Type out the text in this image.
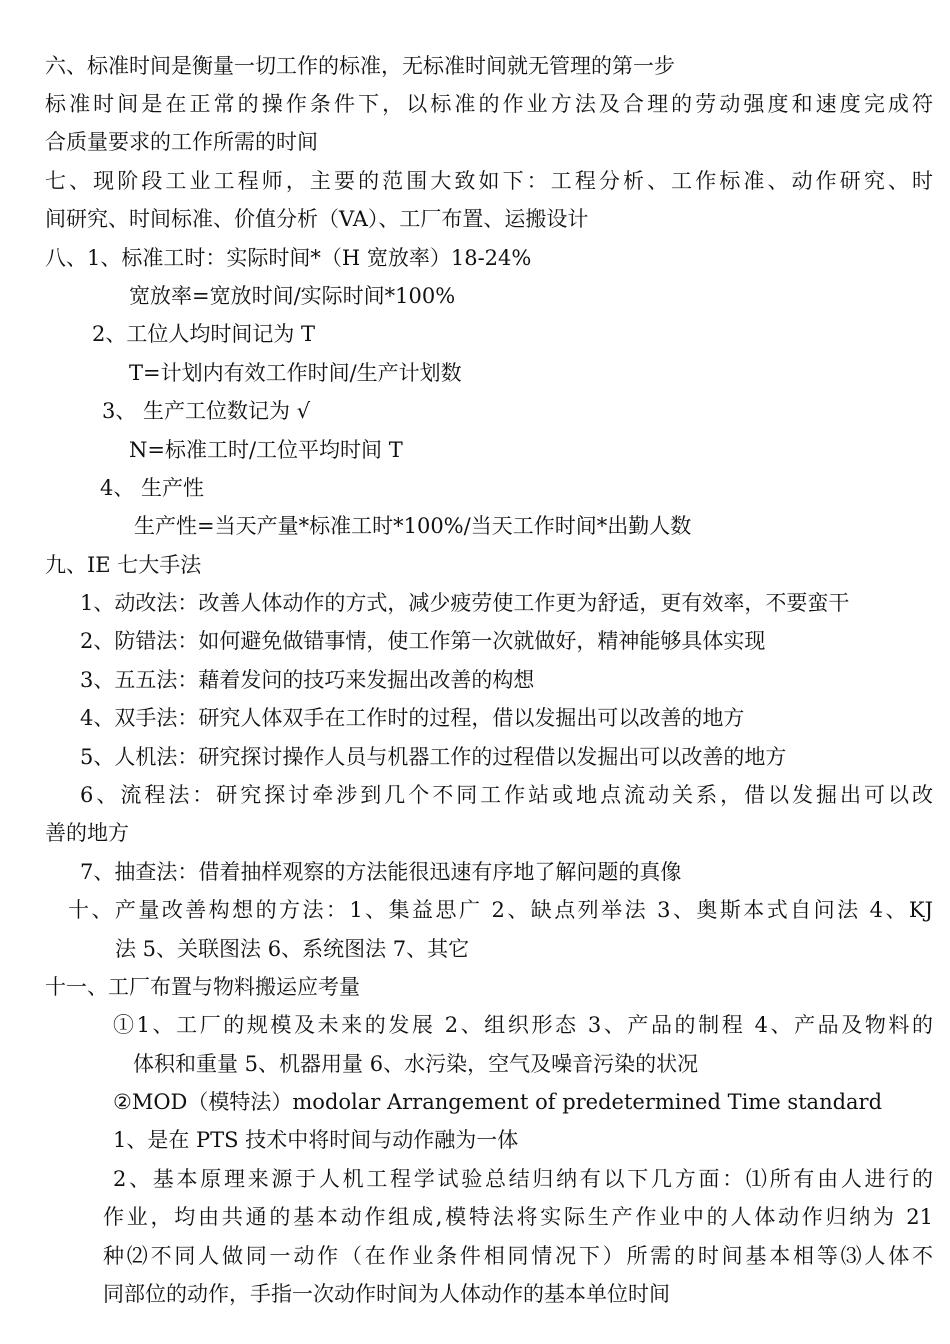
六、标准时间是衡量一切工作的标准，无标准时间就无管理的第一步
标准时间是在正常的操作条件下，以标准的作业方法及合理的劳动强度和速度完成符
合质量要求的工作所需的时间
七、现阶段工业工程师，主要的范围大致如下：工程分析、工作标准、动作研究、时
间研究、时间标准、价值分析（VA）、工厂布置、运搬设计
八、1、标准工时：实际时间*（H 宽放率）18-24%
宽放率=宽放时间/实际时间*100%
2、工位人均时间记为 T
T=计划内有效工作时间/生产计划数
3、 生产工位数记为 √
N=标准工时/工位平均时间 T
4、 生产性
生产性=当天产量*标准工时*100%/当天工作时间*出勤人数
九、IE 七大手法
1、动改法：改善人体动作的方式，减少疲劳使工作更为舒适，更有效率，不要蛮干
2、防错法：如何避免做错事情，使工作第一次就做好，精神能够具体实现
3、五五法：藉着发问的技巧来发掘出改善的构想
4、双手法：研究人体双手在工作时的过程，借以发掘出可以改善的地方
5、人机法：研究探讨操作人员与机器工作的过程借以发掘出可以改善的地方
6、流程法：研究探讨牵涉到几个不同工作站或地点流动关系，借以发掘出可以改
善的地方
7、抽查法：借着抽样观察的方法能很迅速有序地了解问题的真像
十、产量改善构想的方法：1、集益思广 2、缺点列举法 3、奥斯本式自问法 4、KJ
法 5、关联图法 6、系统图法 7、其它
十一、工厂布置与物料搬运应考量
①1、工厂的规模及未来的发展 2、组织形态 3、产品的制程 4、产品及物料的
体积和重量 5、机器用量 6、水污染，空气及噪音污染的状况
②MOD（模特法）modolar Arrangement of predetermined Time standard
1、是在 PTS 技术中将时间与动作融为一体
2、基本原理来源于人机工程学试验总结归纳有以下几方面：⑴所有由人进行的
作业，均由共通的基本动作组成,模特法将实际生产作业中的人体动作归纳为 21
种⑵不同人做同一动作（在作业条件相同情况下）所需的时间基本相等⑶人体不
同部位的动作，手指一次动作时间为人体动作的基本单位时间
